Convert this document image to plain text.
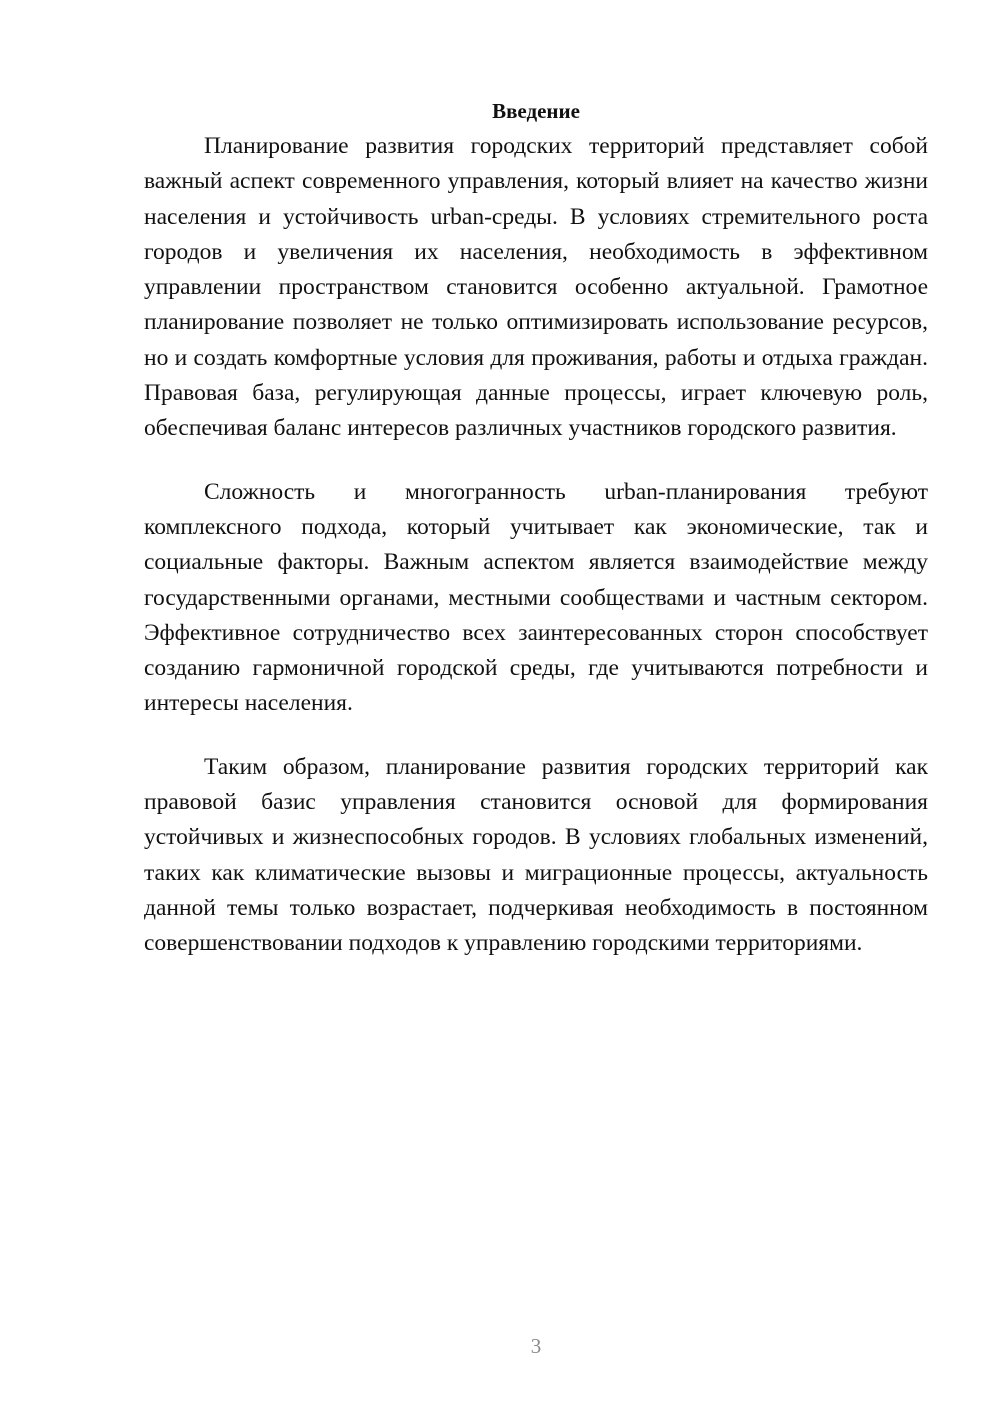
Введение

Планирование развития городских территорий представляет собой важный аспект современного управления, который влияет на качество жизни населения и устойчивость urban-среды. В условиях стремительного роста городов и увеличения их населения, необходимость в эффективном управлении пространством становится особенно актуальной. Грамотное планирование позволяет не только оптимизировать использование ресурсов, но и создать комфортные условия для проживания, работы и отдыха граждан. Правовая база, регулирующая данные процессы, играет ключевую роль, обеспечивая баланс интересов различных участников городского развития.

Сложность и многогранность urban-планирования требуют комплексного подхода, который учитывает как экономические, так и социальные факторы. Важным аспектом является взаимодействие между государственными органами, местными сообществами и частным сектором. Эффективное сотрудничество всех заинтересованных сторон способствует созданию гармоничной городской среды, где учитываются потребности и интересы населения.

Таким образом, планирование развития городских территорий как правовой базис управления становится основой для формирования устойчивых и жизнеспособных городов. В условиях глобальных изменений, таких как климатические вызовы и миграционные процессы, актуальность данной темы только возрастает, подчеркивая необходимость в постоянном совершенствовании подходов к управлению городскими территориями.

3
